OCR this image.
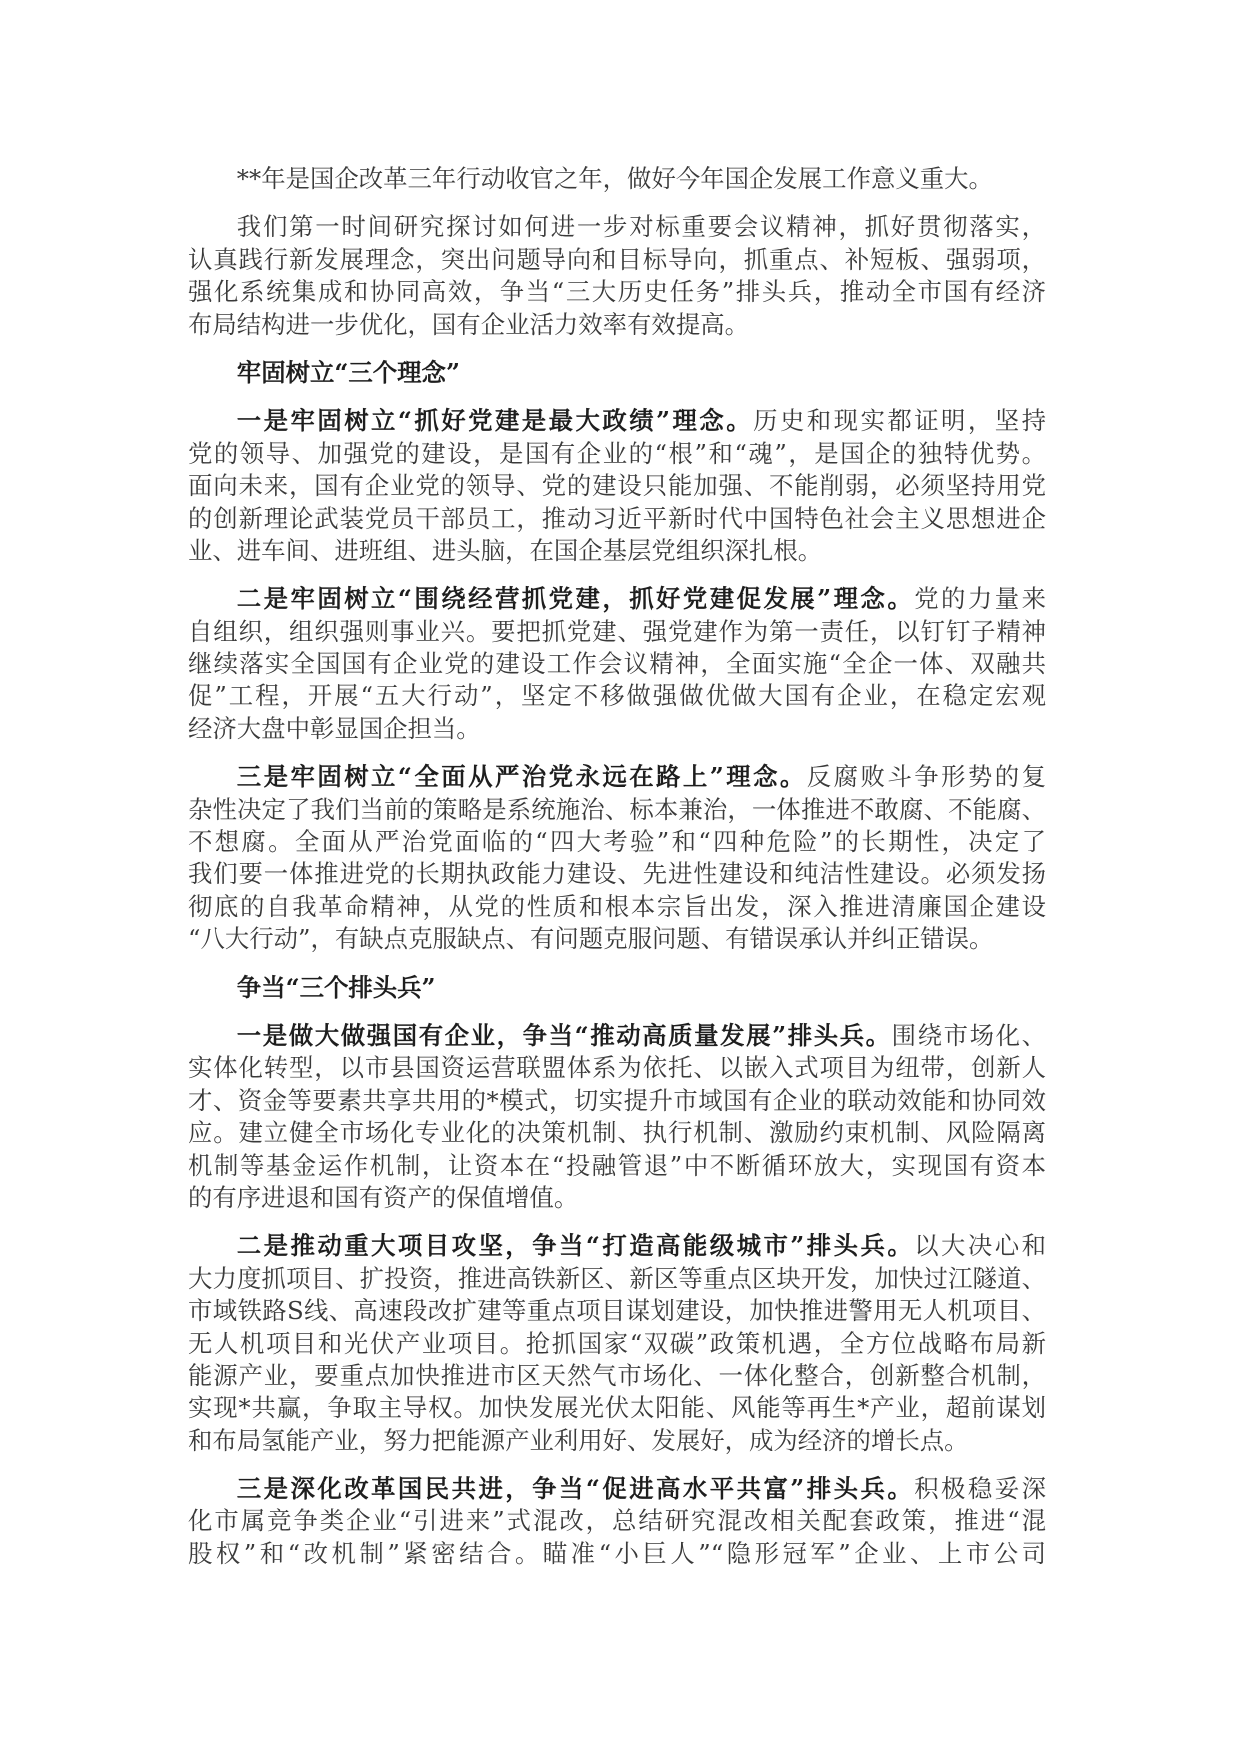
**年是国企改革三年行动收官之年，做好今年国企发展工作意义重大。
我们第一时间研究探讨如何进一步对标重要会议精神，抓好贯彻落实，
认真践行新发展理念，突出问题导向和目标导向，抓重点、补短板、强弱项，
强化系统集成和协同高效，争当“三大历史任务”排头兵，推动全市国有经济
布局结构进一步优化，国有企业活力效率有效提高。
牢固树立“三个理念”
一是牢固树立“抓好党建是最大政绩”理念。历史和现实都证明，坚持
党的领导、加强党的建设，是国有企业的“根”和“魂”，是国企的独特优势。
面向未来，国有企业党的领导、党的建设只能加强、不能削弱，必须坚持用党
的创新理论武装党员干部员工，推动习近平新时代中国特色社会主义思想进企
业、进车间、进班组、进头脑，在国企基层党组织深扎根。
二是牢固树立“围绕经营抓党建，抓好党建促发展”理念。党的力量来
自组织，组织强则事业兴。要把抓党建、强党建作为第一责任，以钉钉子精神
继续落实全国国有企业党的建设工作会议精神，全面实施“全企一体、双融共
促”工程，开展“五大行动”，坚定不移做强做优做大国有企业，在稳定宏观
经济大盘中彰显国企担当。
三是牢固树立“全面从严治党永远在路上”理念。反腐败斗争形势的复
杂性决定了我们当前的策略是系统施治、标本兼治，一体推进不敢腐、不能腐、
不想腐。全面从严治党面临的“四大考验”和“四种危险”的长期性，决定了
我们要一体推进党的长期执政能力建设、先进性建设和纯洁性建设。必须发扬
彻底的自我革命精神，从党的性质和根本宗旨出发，深入推进清廉国企建设
“八大行动”，有缺点克服缺点、有问题克服问题、有错误承认并纠正错误。
争当“三个排头兵”
一是做大做强国有企业，争当“推动高质量发展”排头兵。围绕市场化、
实体化转型，以市县国资运营联盟体系为依托、以嵌入式项目为纽带，创新人
才、资金等要素共享共用的*模式，切实提升市域国有企业的联动效能和协同效
应。建立健全市场化专业化的决策机制、执行机制、激励约束机制、风险隔离
机制等基金运作机制，让资本在“投融管退”中不断循环放大，实现国有资本
的有序进退和国有资产的保值增值。
二是推动重大项目攻坚，争当“打造高能级城市”排头兵。以大决心和
大力度抓项目、扩投资，推进高铁新区、新区等重点区块开发，加快过江隧道、
市域铁路S线、高速段改扩建等重点项目谋划建设，加快推进警用无人机项目、
无人机项目和光伏产业项目。抢抓国家“双碳”政策机遇，全方位战略布局新
能源产业，要重点加快推进市区天然气市场化、一体化整合，创新整合机制，
实现*共赢，争取主导权。加快发展光伏太阳能、风能等再生*产业，超前谋划
和布局氢能产业，努力把能源产业利用好、发展好，成为经济的增长点。
三是深化改革国民共进，争当“促进高水平共富”排头兵。积极稳妥深
化市属竞争类企业“引进来”式混改，总结研究混改相关配套政策，推进“混
股权”和“改机制”紧密结合。瞄准“小巨人”“隐形冠军”企业、上市公司
